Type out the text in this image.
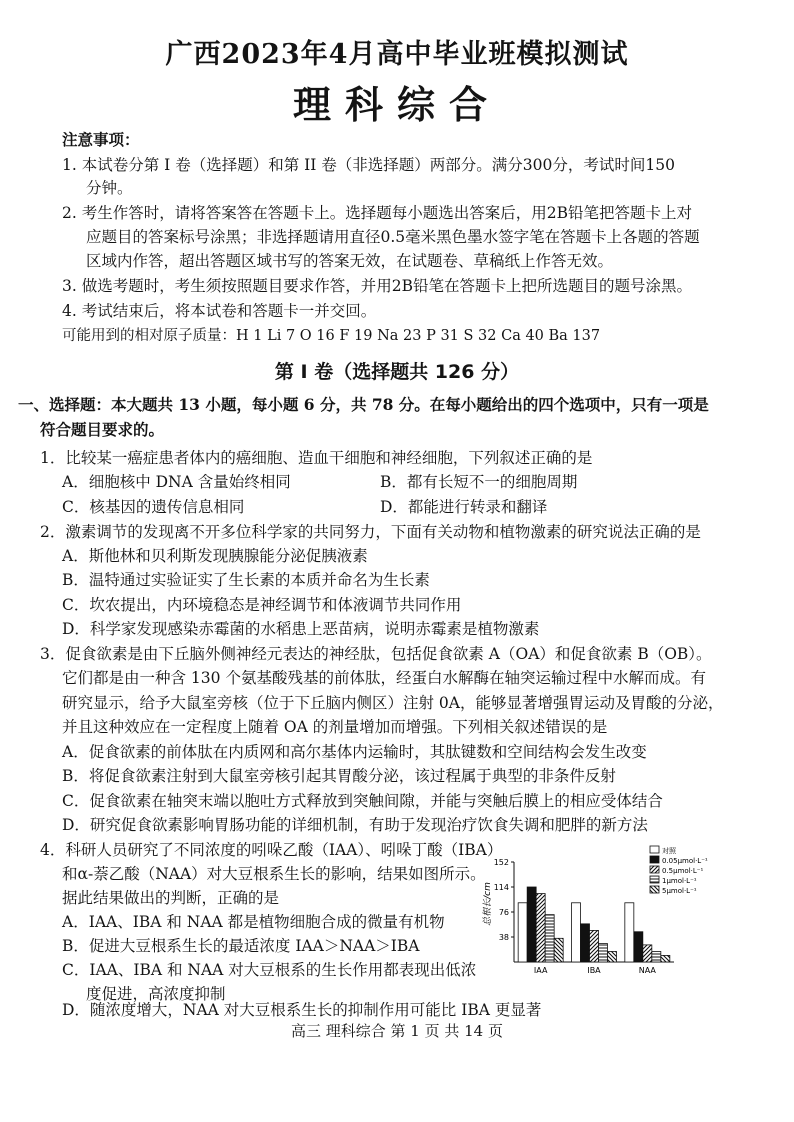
广西2023年4月高中毕业班模拟测试
理科综合
注意事项：
1. 本试卷分第 I 卷（选择题）和第 II 卷（非选择题）两部分。满分300分，考试时间150
分钟。
2. 考生作答时，请将答案答在答题卡上。选择题每小题选出答案后，用2B铅笔把答题卡上对
应题目的答案标号涂黑；非选择题请用直径0.5毫米黑色墨水签字笔在答题卡上各题的答题
区域内作答，超出答题区域书写的答案无效，在试题卷、草稿纸上作答无效。
3. 做选考题时，考生须按照题目要求作答，并用2B铅笔在答题卡上把所选题目的题号涂黑。
4. 考试结束后，将本试卷和答题卡一并交回。
可能用到的相对原子质量：H 1 Li 7 O 16 F 19 Na 23 P 31 S 32 Ca 40 Ba 137
第 I 卷（选择题共 126 分）
一、选择题：本大题共 13 小题，每小题 6 分，共 78 分。在每小题给出的四个选项中，只有一项是
符合题目要求的。
1．比较某一癌症患者体内的癌细胞、造血干细胞和神经细胞，下列叙述正确的是
A．细胞核中 DNA 含量始终相同	B．都有长短不一的细胞周期
C．核基因的遗传信息相同	D．都能进行转录和翻译
2．激素调节的发现离不开多位科学家的共同努力，下面有关动物和植物激素的研究说法正确的是
A．斯他林和贝利斯发现胰腺能分泌促胰液素
B．温特通过实验证实了生长素的本质并命名为生长素
C．坎农提出，内环境稳态是神经调节和体液调节共同作用
D．科学家发现感染赤霉菌的水稻患上恶苗病，说明赤霉素是植物激素
3．促食欲素是由下丘脑外侧神经元表达的神经肽，包括促食欲素 A（OA）和促食欲素 B（OB）。
它们都是由一种含 130 个氨基酸残基的前体肽，经蛋白水解酶在轴突运输过程中水解而成。有
研究显示，给予大鼠室旁核（位于下丘脑内侧区）注射 0A，能够显著增强胃运动及胃酸的分泌，
并且这种效应在一定程度上随着 OA 的剂量增加而增强。下列相关叙述错误的是
A．促食欲素的前体肽在内质网和高尔基体内运输时，其肽键数和空间结构会发生改变
B．将促食欲素注射到大鼠室旁核引起其胃酸分泌，该过程属于典型的非条件反射
C．促食欲素在轴突末端以胞吐方式释放到突触间隙，并能与突触后膜上的相应受体结合
D．研究促食欲素影响胃肠功能的详细机制，有助于发现治疗饮食失调和肥胖的新方法
4．科研人员研究了不同浓度的吲哚乙酸（IAA）、吲哚丁酸（IBA）
和α-萘乙酸（NAA）对大豆根系生长的影响，结果如图所示。
据此结果做出的判断，正确的是
A．IAA、IBA 和 NAA 都是植物细胞合成的微量有机物
B．促进大豆根系生长的最适浓度 IAA＞NAA＞IBA
C．IAA、IBA 和 NAA 对大豆根系的生长作用都表现出低浓
度促进，高浓度抑制
D．随浓度增大，NAA 对大豆根系生长的抑制作用可能比 IBA 更显著
总根长/cm
152
114
76
38
IAA	IBA	NAA
对照
0.05μmol·L⁻¹
0.5μmol·L⁻¹
1μmol·L⁻¹
5μmol·L⁻¹
高三 理科综合 第 1 页 共 14 页
